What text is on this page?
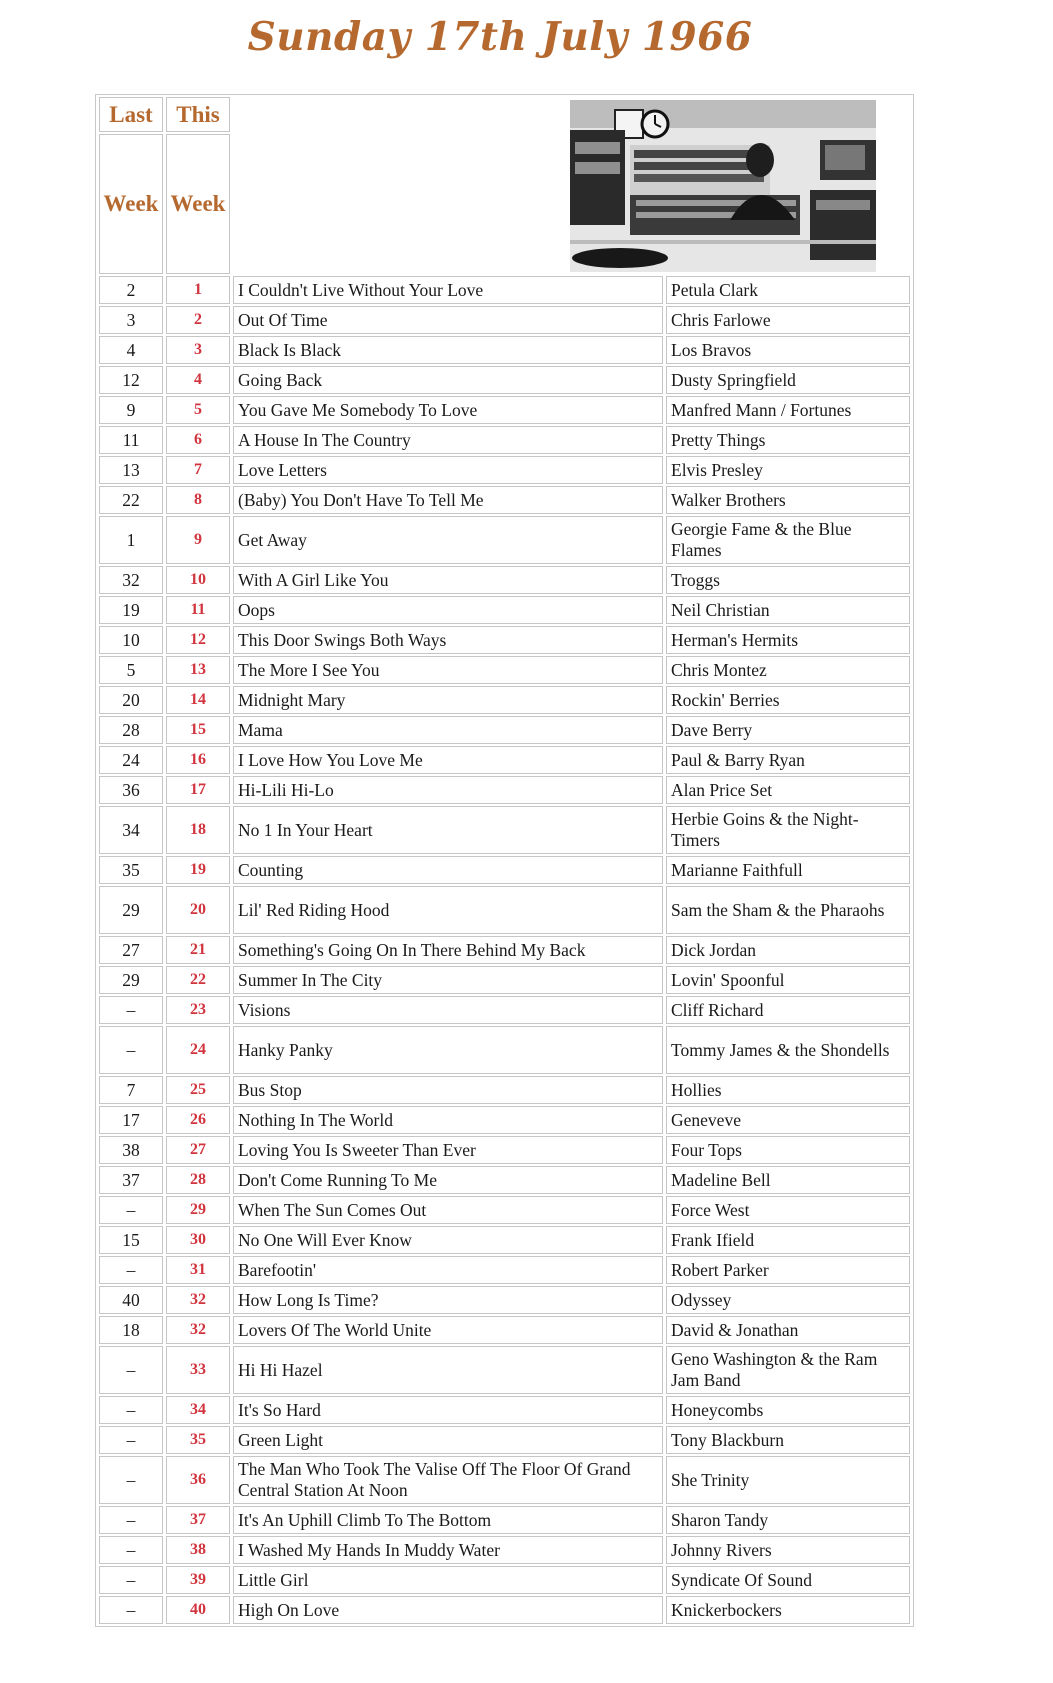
Sunday 17th July 1966
Last	This	

Week	Week		
2	1	I Couldn't Live Without Your Love	Petula Clark
3	2	Out Of Time	Chris Farlowe
4	3	Black Is Black	Los Bravos
12	4	Going Back	Dusty Springfield
9	5	You Gave Me Somebody To Love	Manfred Mann / Fortunes
11	6	A House In The Country	Pretty Things
13	7	Love Letters	Elvis Presley
22	8	(Baby) You Don't Have To Tell Me	Walker Brothers
1	9	Get Away	Georgie Fame & the Blue Flames
32	10	With A Girl Like You	Troggs
19	11	Oops	Neil Christian
10	12	This Door Swings Both Ways	Herman's Hermits
5	13	The More I See You	Chris Montez
20	14	Midnight Mary	Rockin' Berries
28	15	Mama	Dave Berry
24	16	I Love How You Love Me	Paul & Barry Ryan
36	17	Hi-Lili Hi-Lo	Alan Price Set
34	18	No 1 In Your Heart	Herbie Goins & the Night-Timers
35	19	Counting	Marianne Faithfull
29	20	Lil' Red Riding Hood	Sam the Sham & the Pharaohs
27	21	Something's Going On In There Behind My Back	Dick Jordan
29	22	Summer In The City	Lovin' Spoonful
–	23	Visions	Cliff Richard
–	24	Hanky Panky	Tommy James & the Shondells
7	25	Bus Stop	Hollies
17	26	Nothing In The World	Geneveve
38	27	Loving You Is Sweeter Than Ever	Four Tops
37	28	Don't Come Running To Me	Madeline Bell
–	29	When The Sun Comes Out	Force West
15	30	No One Will Ever Know	Frank Ifield
–	31	Barefootin'	Robert Parker
40	32	How Long Is Time?	Odyssey
18	32	Lovers Of The World Unite	David & Jonathan
–	33	Hi Hi Hazel	Geno Washington & the Ram Jam Band
–	34	It's So Hard	Honeycombs
–	35	Green Light	Tony Blackburn
–	36	The Man Who Took The Valise Off The Floor Of Grand Central Station At Noon	She Trinity
–	37	It's An Uphill Climb To The Bottom	Sharon Tandy
–	38	I Washed My Hands In Muddy Water	Johnny Rivers
–	39	Little Girl	Syndicate Of Sound
–	40	High On Love	Knickerbockers
